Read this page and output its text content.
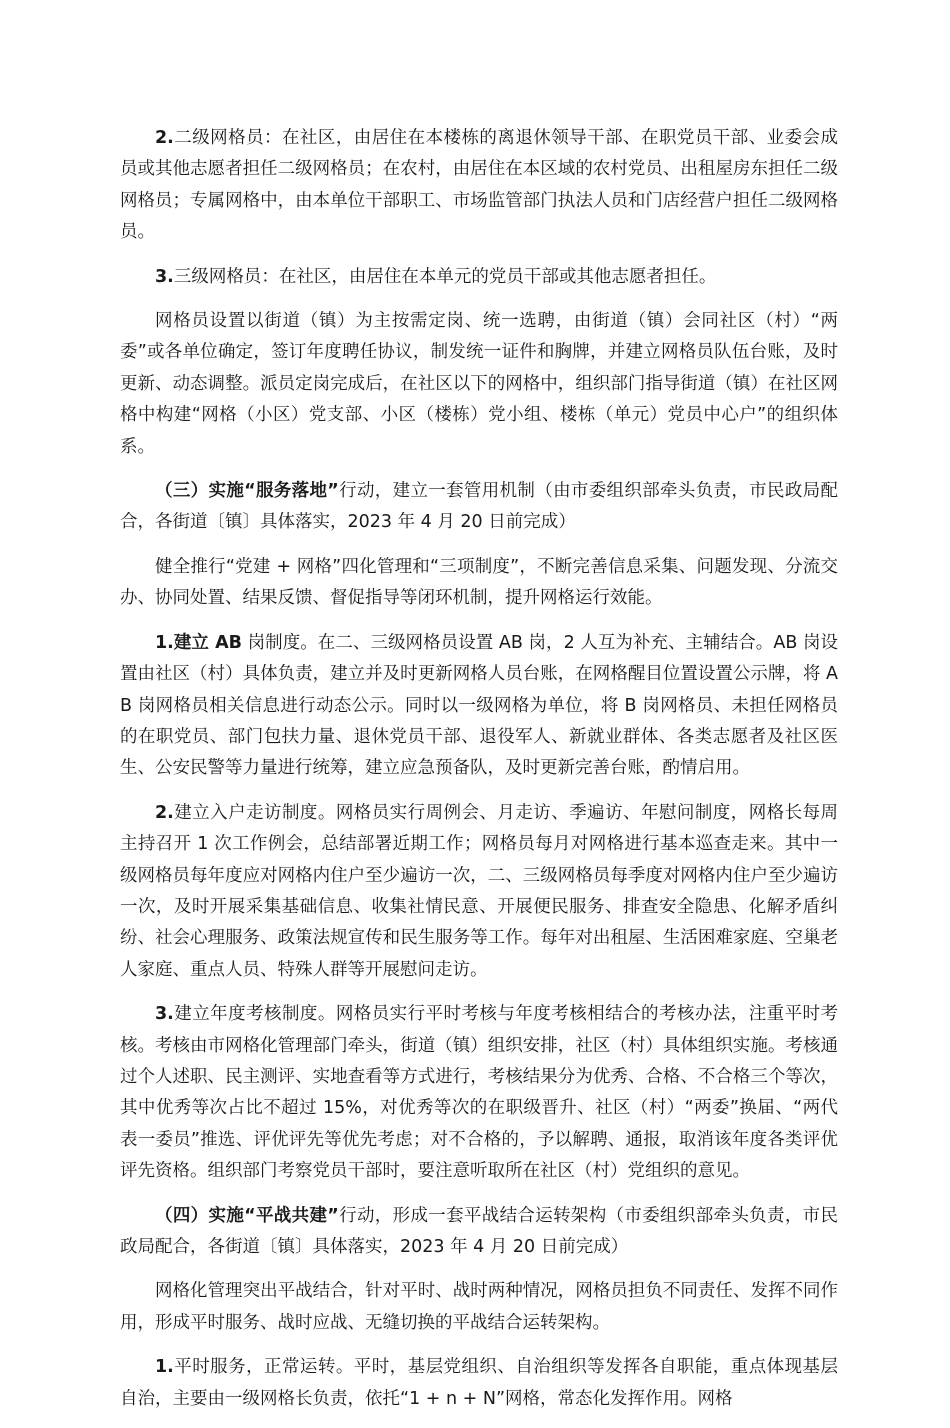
2.二级网格员：在社区，由居住在本楼栋的离退休领导干部、在职党员干部、业委会成员或其他志愿者担任二级网格员；在农村，由居住在本区域的农村党员、出租屋房东担任二级网格员；专属网格中，由本单位干部职工、市场监管部门执法人员和门店经营户担任二级网格员。

3.三级网格员：在社区，由居住在本单元的党员干部或其他志愿者担任。

网格员设置以街道（镇）为主按需定岗、统一选聘，由街道（镇）会同社区（村）“两委”或各单位确定，签订年度聘任协议，制发统一证件和胸牌，并建立网格员队伍台账，及时更新、动态调整。派员定岗完成后，在社区以下的网格中，组织部门指导街道（镇）在社区网格中构建“网格（小区）党支部、小区（楼栋）党小组、楼栋（单元）党员中心户”的组织体系。

（三）实施“服务落地”行动，建立一套管用机制（由市委组织部牵头负责，市民政局配合，各街道〔镇〕具体落实，2023 年 4 月 20 日前完成）

健全推行“党建 + 网格”四化管理和“三项制度”，不断完善信息采集、问题发现、分流交办、协同处置、结果反馈、督促指导等闭环机制，提升网格运行效能。

1.建立 AB 岗制度。在二、三级网格员设置 AB 岗，2 人互为补充、主辅结合。AB 岗设置由社区（村）具体负责，建立并及时更新网格人员台账，在网格醒目位置设置公示牌，将 AB 岗网格员相关信息进行动态公示。同时以一级网格为单位，将 B 岗网格员、未担任网格员的在职党员、部门包扶力量、退休党员干部、退役军人、新就业群体、各类志愿者及社区医生、公安民警等力量进行统筹，建立应急预备队，及时更新完善台账，酌情启用。

2.建立入户走访制度。网格员实行周例会、月走访、季遍访、年慰问制度，网格长每周主持召开 1 次工作例会，总结部署近期工作；网格员每月对网格进行基本巡查走来。其中一级网格员每年度应对网格内住户至少遍访一次，二、三级网格员每季度对网格内住户至少遍访一次，及时开展采集基础信息、收集社情民意、开展便民服务、排查安全隐患、化解矛盾纠纷、社会心理服务、政策法规宣传和民生服务等工作。每年对出租屋、生活困难家庭、空巢老人家庭、重点人员、特殊人群等开展慰问走访。

3.建立年度考核制度。网格员实行平时考核与年度考核相结合的考核办法，注重平时考核。考核由市网格化管理部门牵头，街道（镇）组织安排，社区（村）具体组织实施。考核通过个人述职、民主测评、实地查看等方式进行，考核结果分为优秀、合格、不合格三个等次，其中优秀等次占比不超过 15%，对优秀等次的在职级晋升、社区（村）“两委”换届、“两代表一委员”推选、评优评先等优先考虑；对不合格的，予以解聘、通报，取消该年度各类评优评先资格。组织部门考察党员干部时，要注意听取所在社区（村）党组织的意见。

（四）实施“平战共建”行动，形成一套平战结合运转架构（市委组织部牵头负责，市民政局配合，各街道〔镇〕具体落实，2023 年 4 月 20 日前完成）

网格化管理突出平战结合，针对平时、战时两种情况，网格员担负不同责任、发挥不同作用，形成平时服务、战时应战、无缝切换的平战结合运转架构。

1.平时服务，正常运转。平时，基层党组织、自治组织等发挥各自职能，重点体现基层自治，主要由一级网格长负责，依托“1 + n + N”网格，常态化发挥作用。网格
